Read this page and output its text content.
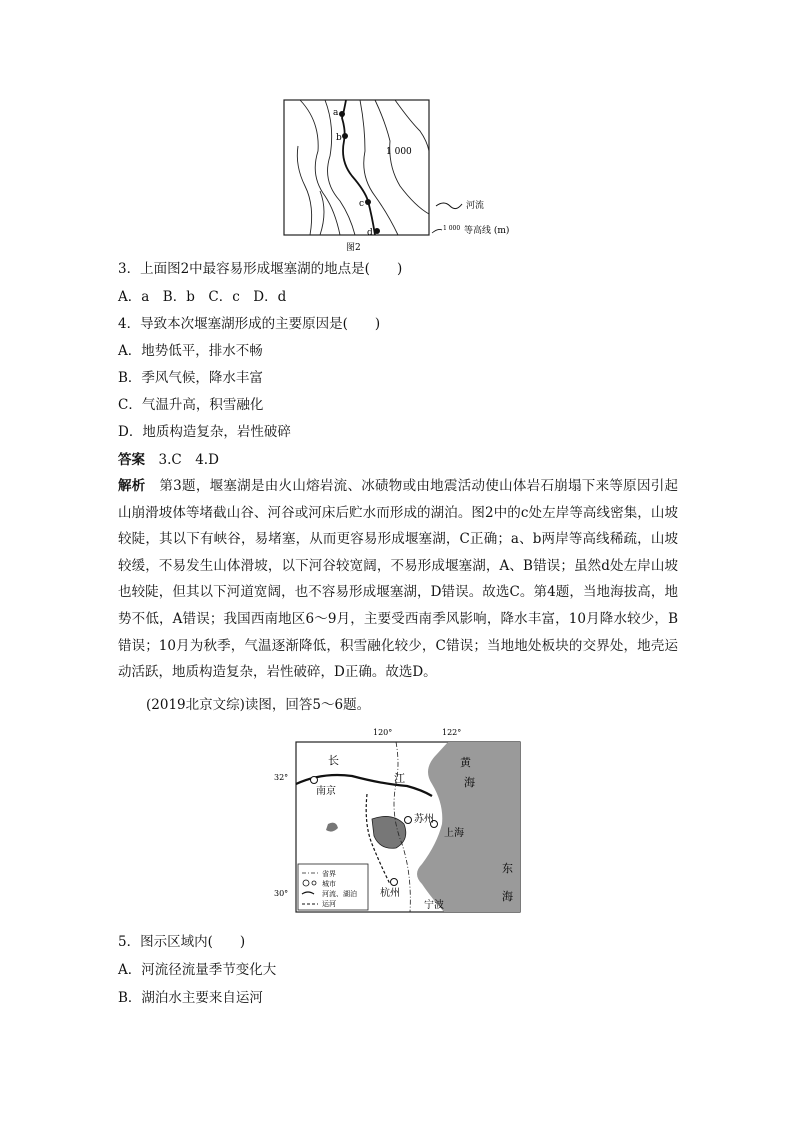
a
b
c
d
1 000
河流
1 000 等高线 (m)
图2
3．上面图2中最容易形成堰塞湖的地点是(　　)
A．a　B．b　C．c　D．d
4．导致本次堰塞湖形成的主要原因是(　　)
A．地势低平，排水不畅
B．季风气候，降水丰富
C．气温升高，积雪融化
D．地质构造复杂，岩性破碎
答案　 3.C　4.D
解析　 第3题，堰塞湖是由火山熔岩流、冰碛物或由地震活动使山体岩石崩塌下来等原因引起山崩滑坡体等堵截山谷、河谷或河床后贮水而形成的湖泊。图2中的c处左岸等高线密集，山坡较陡，其以下有峡谷，易堵塞，从而更容易形成堰塞湖，C正确；a、b两岸等高线稀疏，山坡较缓，不易发生山体滑坡，以下河谷较宽阔，不易形成堰塞湖，A、B错误；虽然d处左岸山坡也较陡，但其以下河道宽阔，也不容易形成堰塞湖，D错误。故选C。第4题，当地海拔高，地势不低，A错误；我国西南地区6～9月，主要受西南季风影响，降水丰富，10月降水较少，B错误；10月为秋季，气温逐渐降低，积雪融化较少，C错误；当地地处板块的交界处，地壳运动活跃，地质构造复杂，岩性破碎，D正确。故选D。
(2019北京文综)读图，回答5～6题。
120°	122°
32°
30°
长
江
黄
海
东
海
南京
苏州
上海
杭州
宁波
省界
城市
河流、湖泊
运河
5．图示区域内(　　)
A．河流径流量季节变化大
B．湖泊水主要来自运河
